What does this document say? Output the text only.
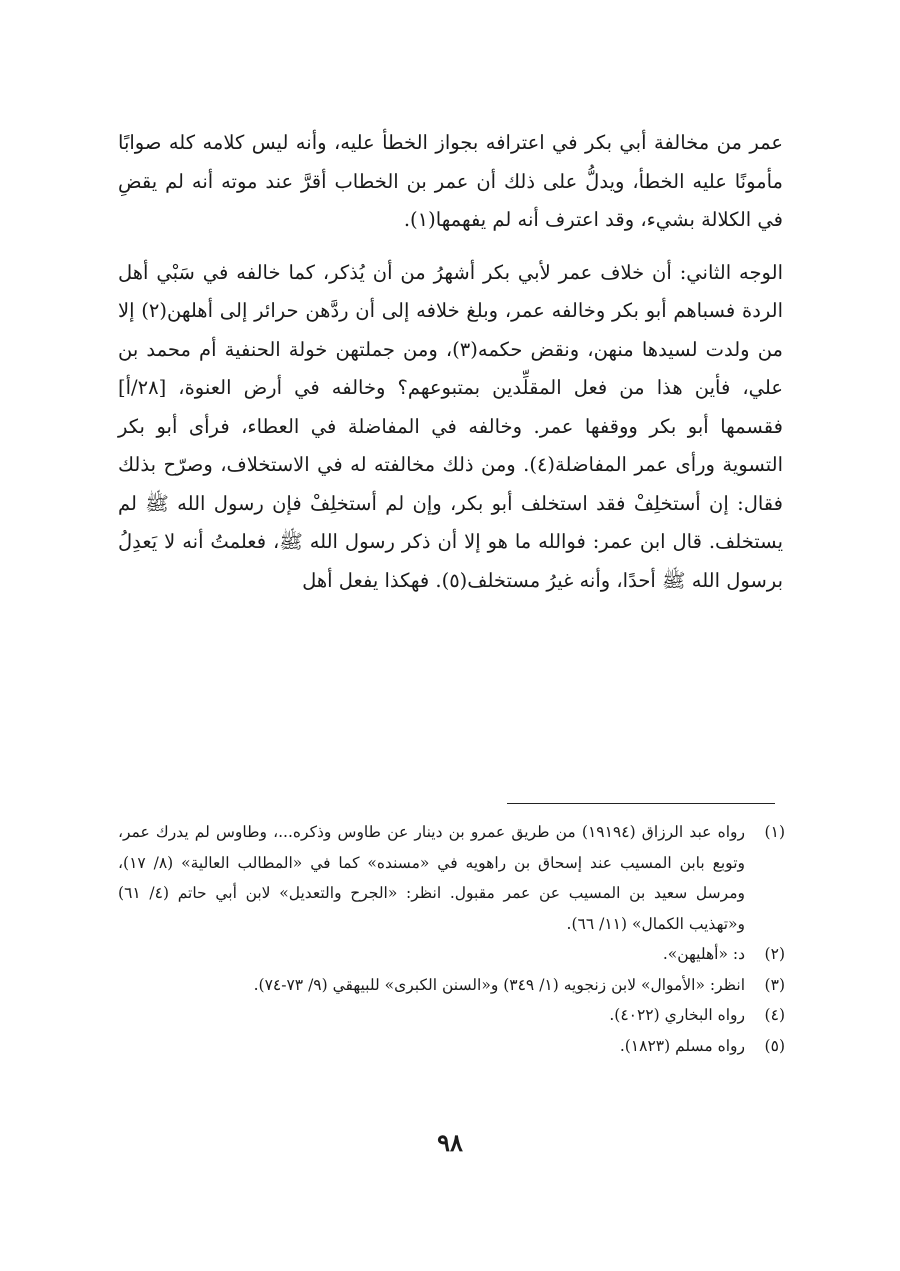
عمر من مخالفة أبي بكر في اعترافه بجواز الخطأ عليه، وأنه ليس كلامه كله صوابًا مأمونًا عليه الخطأ، ويدلُّ على ذلك أن عمر بن الخطاب أقرَّ عند موته أنه لم يقضِ في الكلالة بشيء، وقد اعترف أنه لم يفهمها(١).

الوجه الثاني: أن خلاف عمر لأبي بكر أشهرُ من أن يُذكر، كما خالفه في سَبْي أهل الردة فسباهم أبو بكر وخالفه عمر، وبلغ خلافه إلى أن ردَّهن حرائر إلى أهلهن(٢) إلا من ولدت لسيدها منهن، ونقض حكمه(٣)، ومن جملتهن خولة الحنفية أم محمد بن علي، فأين هذا من فعل المقلِّدين بمتبوعهم؟ وخالفه في أرض العنوة، [٢٨/أ] فقسمها أبو بكر ووقفها عمر. وخالفه في المفاضلة في العطاء، فرأى أبو بكر التسوية ورأى عمر المفاضلة(٤). ومن ذلك مخالفته له في الاستخلاف، وصرّح بذلك فقال: إن أستخلِفْ فقد استخلف أبو بكر، وإن لم أستخلِفْ فإن رسول الله ﷺ لم يستخلف. قال ابن عمر: فوالله ما هو إلا أن ذكر رسول الله ﷺ، فعلمتُ أنه لا يَعدِلُ برسول الله ﷺ أحدًا، وأنه غيرُ مستخلف(٥). فهكذا يفعل أهل

(١)
رواه عبد الرزاق (١٩١٩٤) من طريق عمرو بن دينار عن طاوس وذكره...، وطاوس لم يدرك عمر، وتوبع بابن المسيب عند إسحاق بن راهويه في «مسنده» كما في «المطالب العالية» (٨/ ١٧)، ومرسل سعيد بن المسيب عن عمر مقبول. انظر: «الجرح والتعديل» لابن أبي حاتم (٤/ ٦١) و«تهذيب الكمال» (١١/ ٦٦).
(٢)
د: «أهليهن».
(٣)
انظر: «الأموال» لابن زنجويه (١/ ٣٤٩) و«السنن الكبرى» للبيهقي (٩/ ٧٣-٧٤).
(٤)
رواه البخاري (٤٠٢٢).
(٥)
رواه مسلم (١٨٢٣).
٩٨
